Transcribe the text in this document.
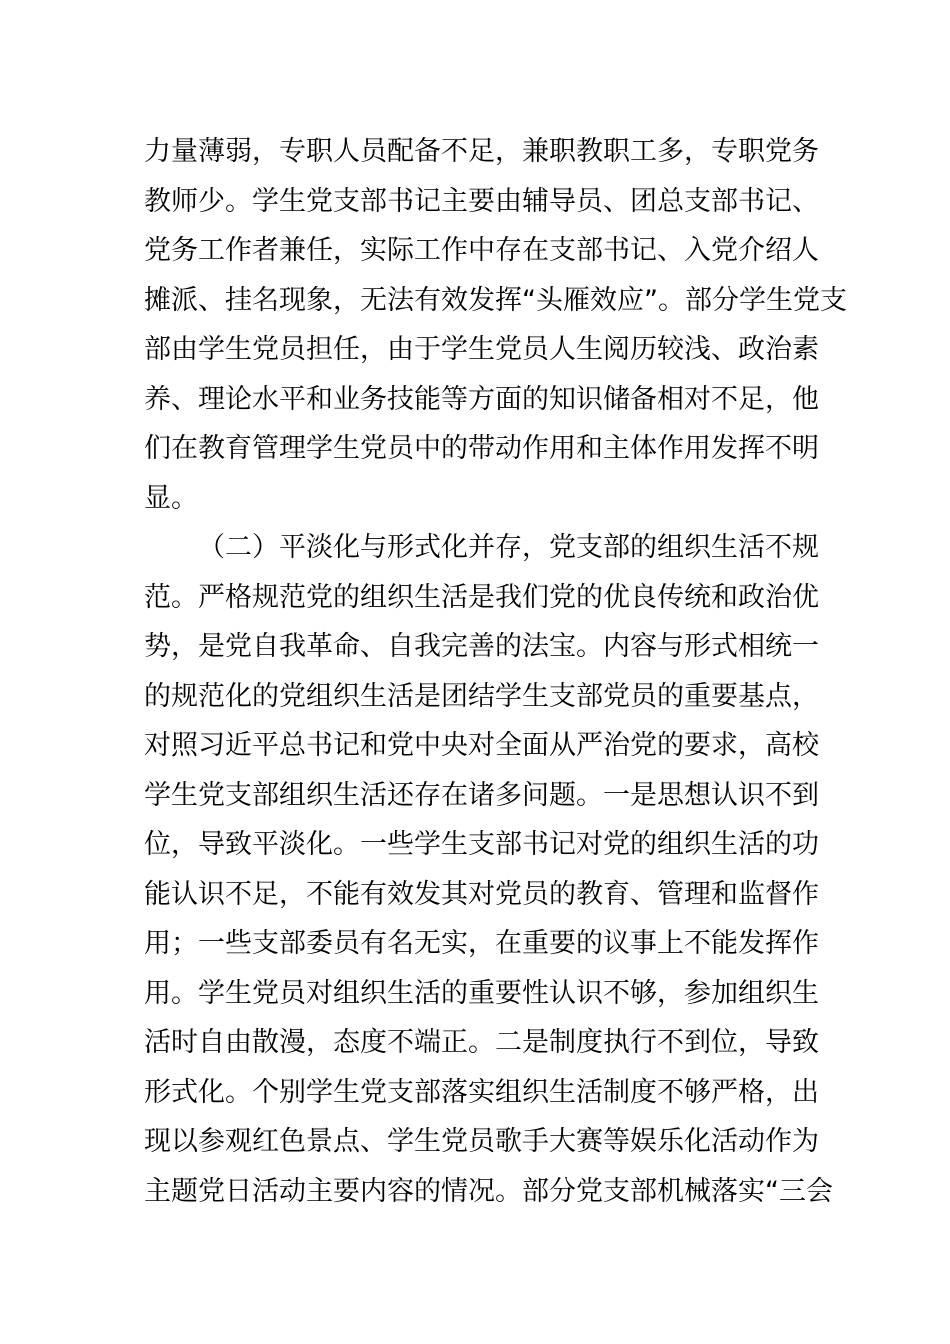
力 量 薄 弱 ， 专 职 人 员 配 备 不 足 ， 兼 职 教 职 工 多 ， 专 职 党 务
教 师 少 。 学 生 党 支 部 书 记 主 要 由 辅 导 员 、 团 总 支 部 书 记 、
党 务 工 作 者 兼 任 ， 实 际 工 作 中 存 在 支 部 书 记 、 入 党 介 绍 人
摊 派 、 挂 名 现 象 ， 无 法 有 效 发 挥 “ 头 雁 效 应 ” 。 部 分 学 生 党 支
部 由 学 生 党 员 担 任 ， 由 于 学 生 党 员 人 生 阅 历 较 浅 、 政 治 素
养 、 理 论 水 平 和 业 务 技 能 等 方 面 的 知 识 储 备 相 对 不 足 ， 他
们 在 教 育 管 理 学 生 党 员 中 的 带 动 作 用 和 主 体 作 用 发 挥 不 明
显。
（ 二 ） 平 淡 化 与 形 式 化 并 存 ， 党 支 部 的 组 织 生 活 不 规
范 。 严 格 规 范 党 的 组 织 生 活 是 我 们 党 的 优 良 传 统 和 政 治 优
势 ， 是 党 自 我 革 命 、 自 我 完 善 的 法 宝 。 内 容 与 形 式 相 统 一
的 规 范 化 的 党 组 织 生 活 是 团 结 学 生 支 部 党 员 的 重 要 基 点 ，
对 照 习 近 平 总 书 记 和 党 中 央 对 全 面 从 严 治 党 的 要 求 ， 高 校
学 生 党 支 部 组 织 生 活 还 存 在 诸 多 问 题 。 一 是 思 想 认 识 不 到
位 ， 导 致 平 淡 化 。 一 些 学 生 支 部 书 记 对 党 的 组 织 生 活 的 功
能 认 识 不 足 ， 不 能 有 效 发 其 对 党 员 的 教 育 、 管 理 和 监 督 作
用 ； 一 些 支 部 委 员 有 名 无 实 ， 在 重 要 的 议 事 上 不 能 发 挥 作
用 。 学 生 党 员 对 组 织 生 活 的 重 要 性 认 识 不 够 ， 参 加 组 织 生
活 时 自 由 散 漫 ， 态 度 不 端 正 。 二 是 制 度 执 行 不 到 位 ， 导 致
形 式 化 。 个 别 学 生 党 支 部 落 实 组 织 生 活 制 度 不 够 严 格 ， 出
现 以 参 观 红 色 景 点 、 学 生 党 员 歌 手 大 赛 等 娱 乐 化 活 动 作 为
主 题 党 日 活 动 主 要 内 容 的 情 况 。 部 分 党 支 部 机 械 落 实 “ 三 会
